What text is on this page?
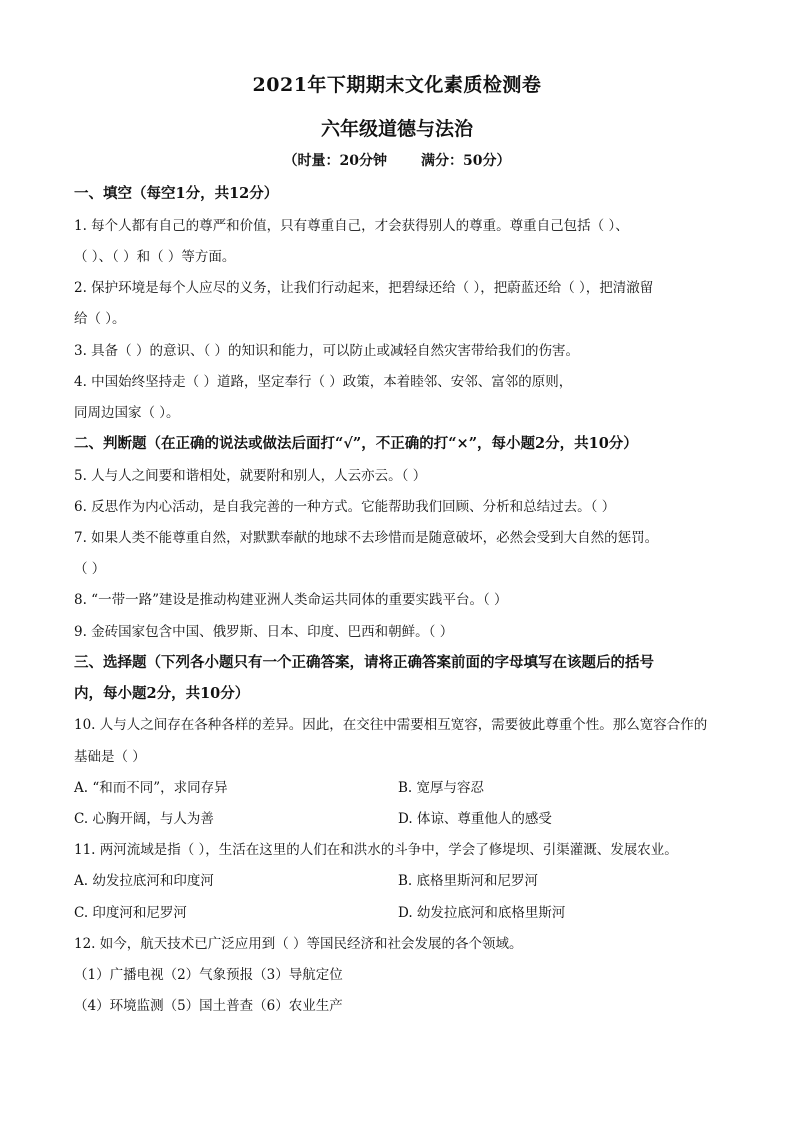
2021年下期期末文化素质检测卷
六年级道德与法治
（时量：20分钟 满分：50分）
一、填空（每空1分，共12分）
1. 每个人都有自己的尊严和价值，只有尊重自己，才会获得别人的尊重。尊重自己包括（ ）、
（ ）、（ ）和（ ）等方面。
2. 保护环境是每个人应尽的义务，让我们行动起来，把碧绿还给（ ），把蔚蓝还给（ ），把清澈留
给（ ）。
3. 具备（ ）的意识、（ ）的知识和能力，可以防止或减轻自然灾害带给我们的伤害。
4. 中国始终坚持走（ ）道路，坚定奉行（ ）政策，本着睦邻、安邻、富邻的原则，
同周边国家（ ）。
二、判断题（在正确的说法或做法后面打“√”，不正确的打“×”，每小题2分，共10分）
5. 人与人之间要和谐相处，就要附和别人，人云亦云。（ ）
6. 反思作为内心活动，是自我完善的一种方式。它能帮助我们回顾、分析和总结过去。（ ）
7. 如果人类不能尊重自然，对默默奉献的地球不去珍惜而是随意破坏，必然会受到大自然的惩罚。
（ ）
8. “一带一路”建设是推动构建亚洲人类命运共同体的重要实践平台。（ ）
9. 金砖国家包含中国、俄罗斯、日本、印度、巴西和朝鲜。（ ）
三、选择题（下列各小题只有一个正确答案，请将正确答案前面的字母填写在该题后的括号
内，每小题2分，共10分）
10. 人与人之间存在各种各样的差异。因此，在交往中需要相互宽容，需要彼此尊重个性。那么宽容合作的
基础是（ ）
A. “和而不同”，求同存异	B. 宽厚与容忍
C. 心胸开阔，与人为善	D. 体谅、尊重他人的感受
11. 两河流域是指（ ），生活在这里的人们在和洪水的斗争中，学会了修堤坝、引渠灌溉、发展农业。
A. 幼发拉底河和印度河	B. 底格里斯河和尼罗河
C. 印度河和尼罗河	D. 幼发拉底河和底格里斯河
12. 如今，航天技术已广泛应用到（ ）等国民经济和社会发展的各个领域。
（1）广播电视（2）气象预报（3）导航定位
（4）环境监测（5）国土普查（6）农业生产
